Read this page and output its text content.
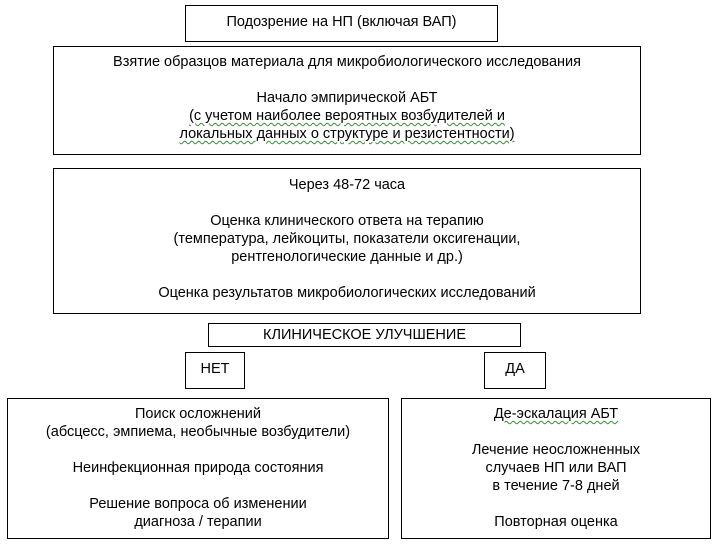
Подозрение на НП (включая ВАП)
Взятие образцов материала для микробиологического исследования
Начало эмпирической АБТ
(с учетом наиболее вероятных возбудителей и
локальных данных о структуре и резистентности)
Через 48-72 часа
Оценка клинического ответа на терапию
(температура, лейкоциты, показатели оксигенации,
рентгенологические данные и др.)
Оценка результатов микробиологических исследований
КЛИНИЧЕСКОЕ УЛУЧШЕНИЕ
НЕТ	ДА
Поиск осложнений
(абсцесс, эмпиема, необычные возбудители)
Неинфекционная природа состояния
Решение вопроса об изменении
диагноза / терапии
Де-эскалация АБТ
Лечение неосложненных
случаев НП или ВАП
в течение 7-8 дней
Повторная оценка
